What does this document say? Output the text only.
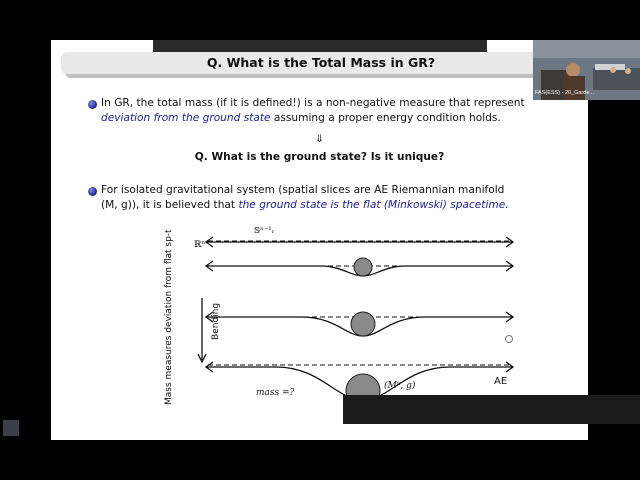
Q. What is the Total Mass in GR?
In GR, the total mass (if it is defined!) is a non-negative measure that represent
deviation from the ground state assuming a proper energy condition holds.
⇓
Q. What is the ground state? Is it unique?
For isolated gravitational system (spatial slices are AE Riemannian manifold
(M, g)), it is believed that the ground state is the flat (Minkowski) spacetime.
Mass measures deviation from flat sp-t	Bending
ℝⁿ
𝕊ⁿ⁻¹ᵣ
(Mⁿ, g)
mass =?
AE
FAS(ESS) - 20_Garde...
